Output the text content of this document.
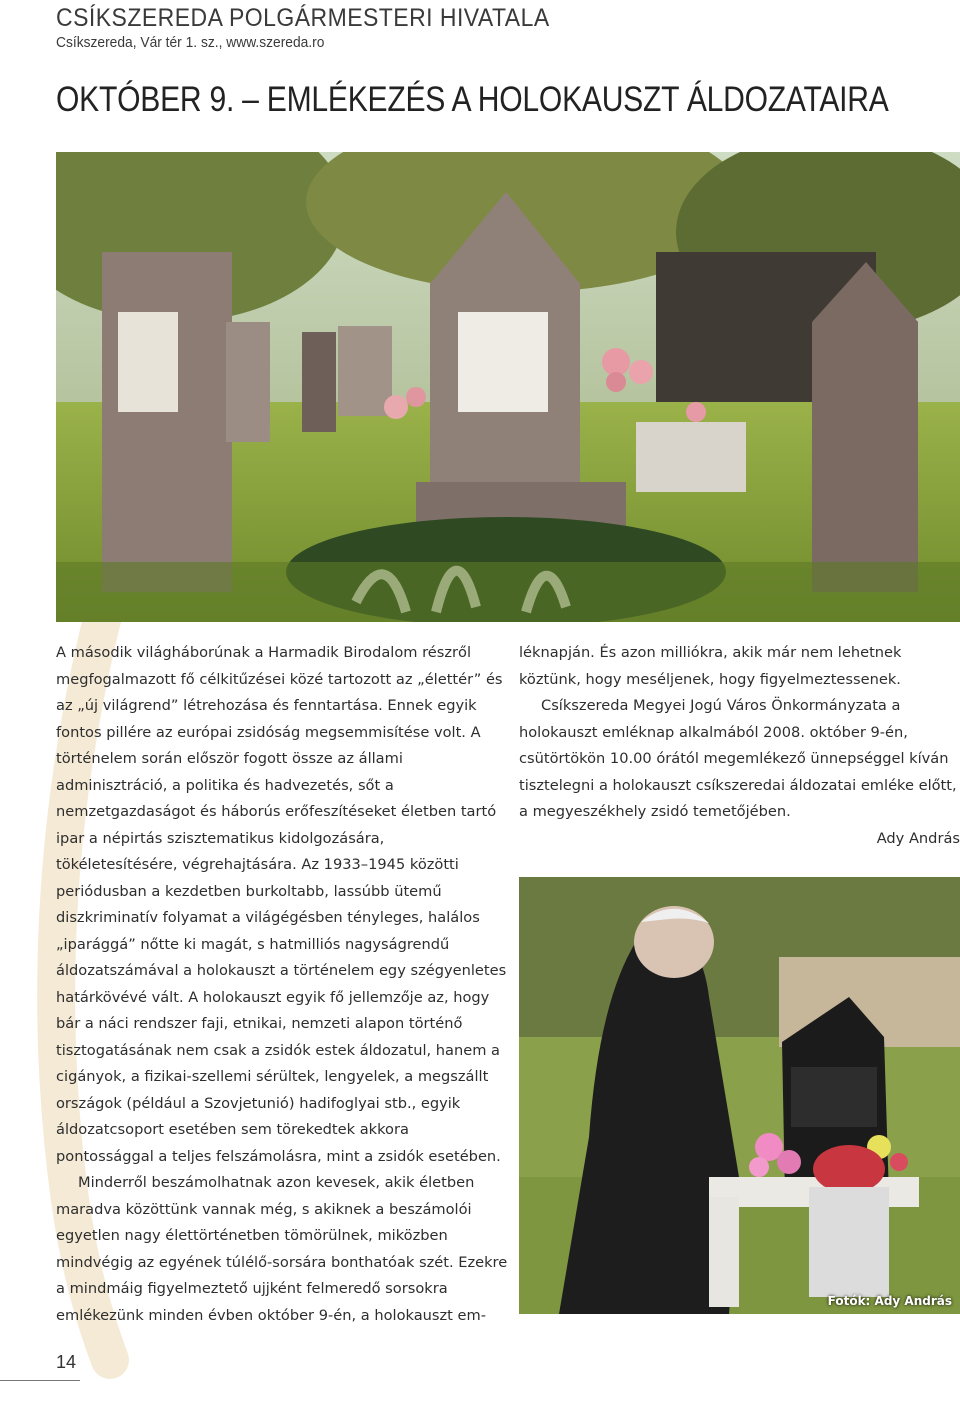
CSÍKSZEREDA POLGÁRMESTERI HIVATALA
Csíkszereda, Vár tér 1. sz., www.szereda.ro
OKTÓBER 9. – EMLÉKEZÉS A HOLOKAUSZT ÁLDOZATAIRA

A második világháborúnak a Harmadik Birodalom részről megfogalmazott fő célkitűzései közé tartozott az „élettér” és az „új világrend” létrehozása és fenntartása. Ennek egyik fontos pillére az európai zsidóság megsemmisítése volt. A történelem során először fogott össze az állami adminisztráció, a politika és hadvezetés, sőt a nemzetgazdaságot és háborús erőfeszítéseket életben tartó ipar a népirtás szisztematikus kidolgozására, tökéletesítésére, végrehajtására. Az 1933–1945 közötti periódusban a kezdetben burkoltabb, lassúbb ütemű diszkriminatív folyamat a világégésben tényleges, halálos „iparággá” nőtte ki magát, s hatmilliós nagyságrendű áldozatszámával a holokauszt a történelem egy szégyenletes határkövévé vált. A holokauszt egyik fő jellemzője az, hogy bár a náci rendszer faji, etnikai, nemzeti alapon történő tisztogatásának nem csak a zsidók estek áldozatul, hanem a cigányok, a fizikai-szellemi sérültek, lengyelek, a megszállt országok (például a Szovjetunió) hadifoglyai stb., egyik áldozatcsoport esetében sem törekedtek akkora pontossággal a teljes felszámolásra, mint a zsidók esetében.

Minderről beszámolhatnak azon kevesek, akik életben maradva közöttünk vannak még, s akiknek a beszámolói egyetlen nagy élettörténetben tömörülnek, miközben mindvégig az egyének túlélő-sorsára bonthatóak szét. Ezekre a mindmáig figyelmeztető ujjként felmeredő sorsokra emlékezünk minden évben október 9-én, a holokauszt em-

léknapján. És azon milliókra, akik már nem lehetnek köztünk, hogy meséljenek, hogy figyelmeztessenek.

Csíkszereda Megyei Jogú Város Önkormányzata a holokauszt emléknap alkalmából 2008. október 9-én, csütörtökön 10.00 órától megemlékező ünnepséggel kíván tisztelegni a holokauszt csíkszeredai áldozatai emléke előtt, a megyeszékhely zsidó temetőjében.

Ady András

Fotók: Ady András
14
